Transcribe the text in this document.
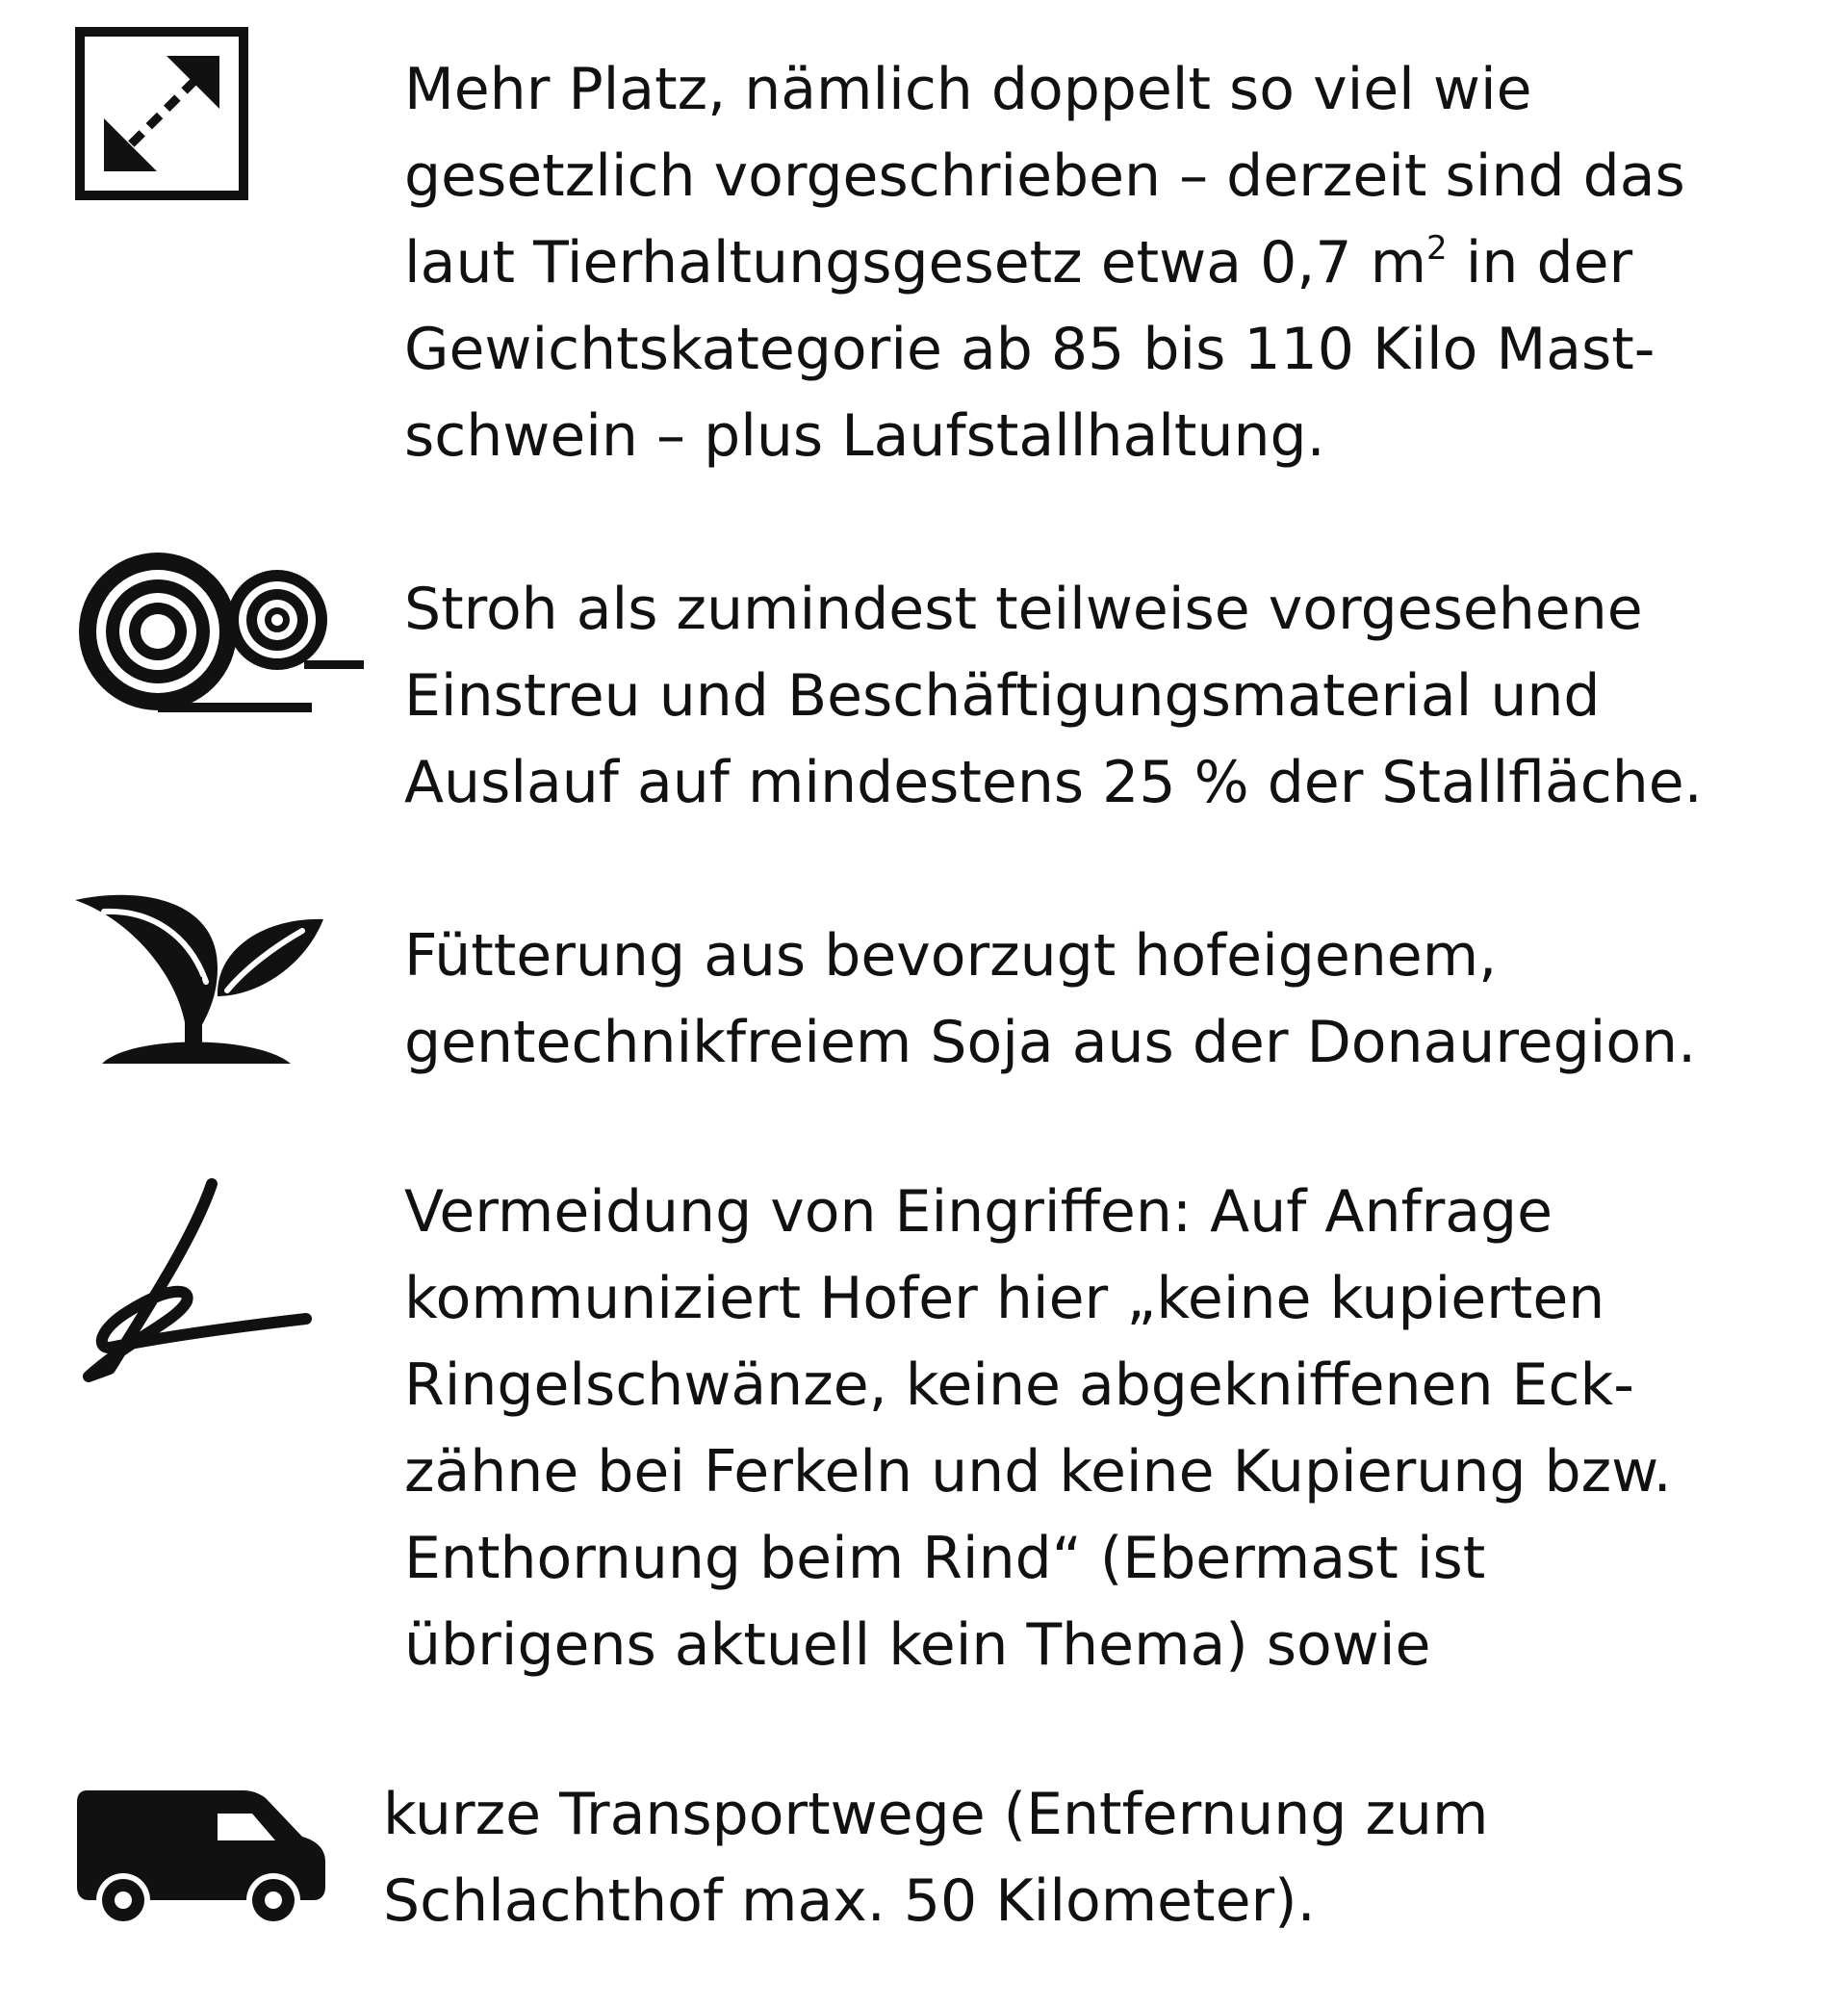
Mehr Platz, nämlich doppelt so viel wie
gesetzlich vorgeschrieben – derzeit sind das
laut Tierhaltungsgesetz etwa 0,7 $m^2$ in der
Gewichtskategorie ab 85 bis 110 Kilo Mast-
schwein – plus Laufstallhaltung.
Stroh als zumindest teilweise vorgesehene
Einstreu und Beschäftigungsmaterial und
Auslauf auf mindestens 25 % der Stallfläche.
Fütterung aus bevorzugt hofeigenem,
gentechnikfreiem Soja aus der Donauregion.
Vermeidung von Eingriffen: Auf Anfrage
kommuniziert Hofer hier „keine kupierten
Ringelschwänze, keine abgekniffenen Eck-
zähne bei Ferkeln und keine Kupierung bzw.
Enthornung beim Rind“ (Ebermast ist
übrigens aktuell kein Thema) sowie
kurze Transportwege (Entfernung zum
Schlachthof max. 50 Kilometer).
